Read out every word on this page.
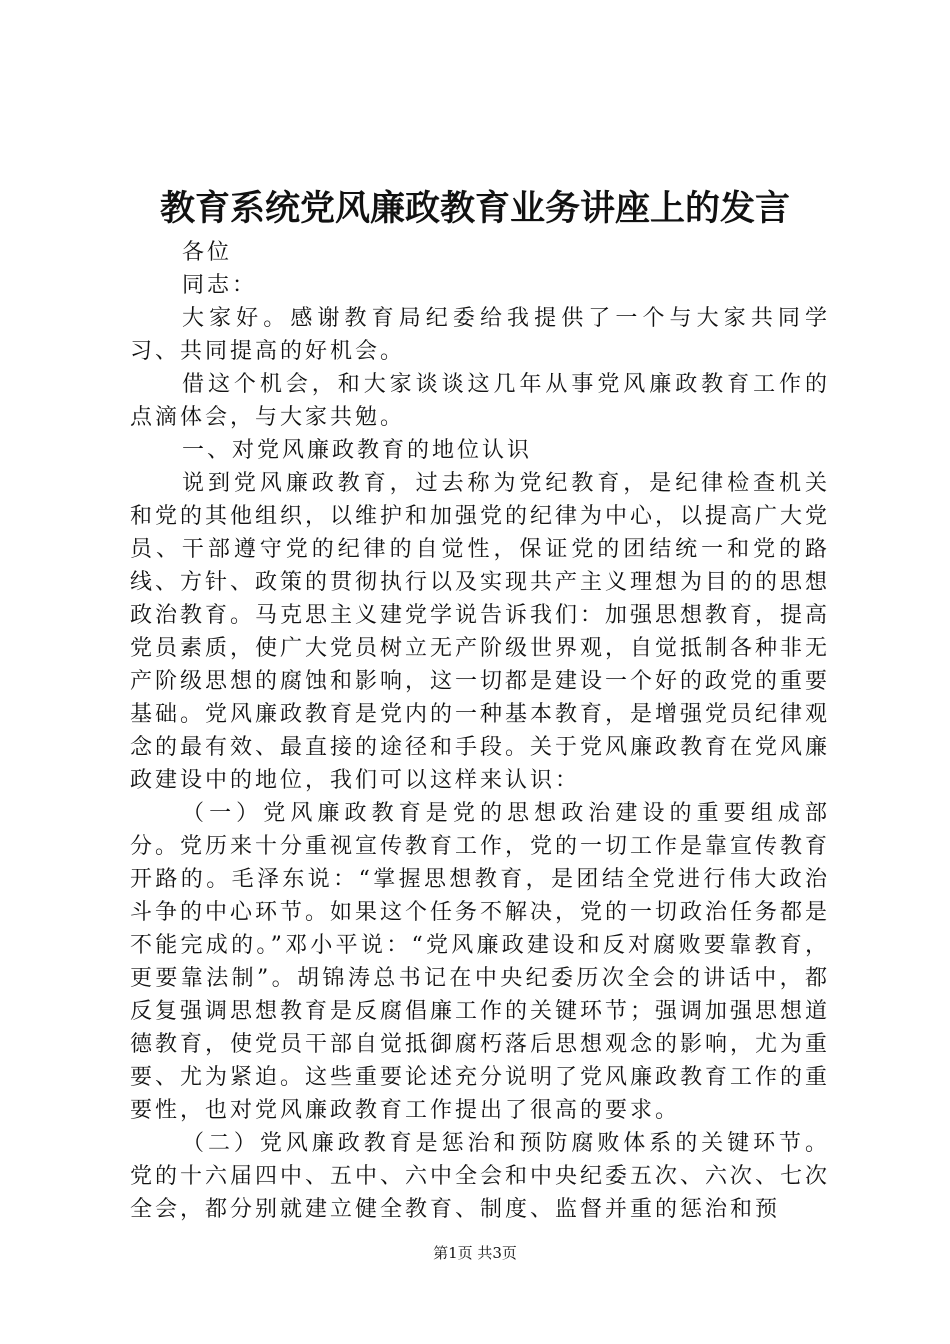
教育系统党风廉政教育业务讲座上的发言

各位

同志：

大家好。感谢教育局纪委给我提供了一个与大家共同学习、共同提高的好机会。

借这个机会，和大家谈谈这几年从事党风廉政教育工作的点滴体会，与大家共勉。

一、对党风廉政教育的地位认识

说到党风廉政教育，过去称为党纪教育，是纪律检查机关和党的其他组织，以维护和加强党的纪律为中心，以提高广大党员、干部遵守党的纪律的自觉性，保证党的团结统一和党的路线、方针、政策的贯彻执行以及实现共产主义理想为目的的思想政治教育。马克思主义建党学说告诉我们：加强思想教育，提高党员素质，使广大党员树立无产阶级世界观，自觉抵制各种非无产阶级思想的腐蚀和影响，这一切都是建设一个好的政党的重要基础。党风廉政教育是党内的一种基本教育，是增强党员纪律观念的最有效、最直接的途径和手段。关于党风廉政教育在党风廉政建设中的地位，我们可以这样来认识：

（一）党风廉政教育是党的思想政治建设的重要组成部分。党历来十分重视宣传教育工作，党的一切工作是靠宣传教育开路的。毛泽东说：“掌握思想教育，是团结全党进行伟大政治斗争的中心环节。如果这个任务不解决，党的一切政治任务都是不能完成的。”邓小平说：“党风廉政建设和反对腐败要靠教育，更要靠法制”。胡锦涛总书记在中央纪委历次全会的讲话中，都反复强调思想教育是反腐倡廉工作的关键环节；强调加强思想道德教育，使党员干部自觉抵御腐朽落后思想观念的影响，尤为重要、尤为紧迫。这些重要论述充分说明了党风廉政教育工作的重要性，也对党风廉政教育工作提出了很高的要求。

（二）党风廉政教育是惩治和预防腐败体系的关键环节。党的十六届四中、五中、六中全会和中央纪委五次、六次、七次全会，都分别就建立健全教育、制度、监督并重的惩治和预

第1页 共3页
